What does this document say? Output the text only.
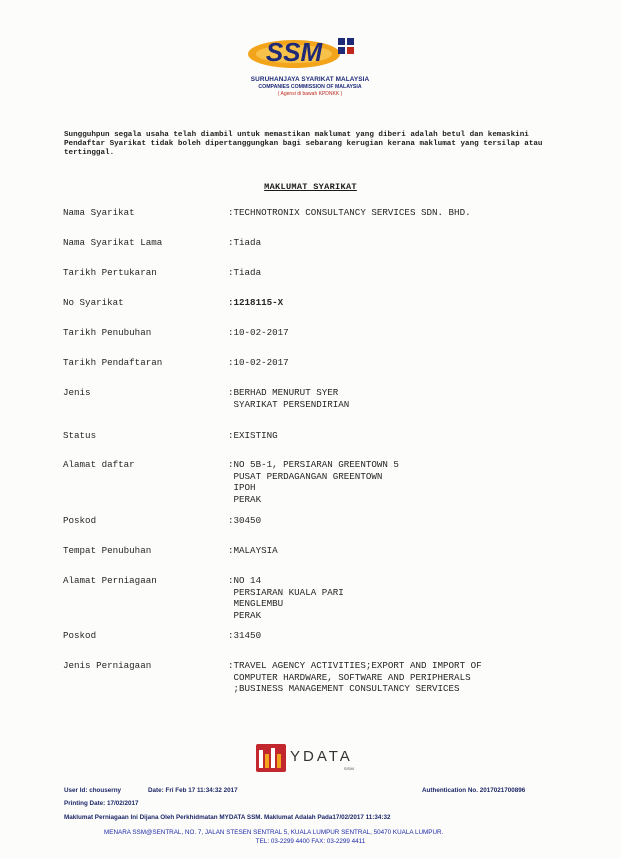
SSM
SURUHANJAYA SYARIKAT MALAYSIA
COMPANIES COMMISSION OF MALAYSIA
( Agensi di bawah KPDNKK )
Sungguhpun segala usaha telah diambil untuk memastikan maklumat yang diberi adalah betul dan kemaskini Pendaftar Syarikat tidak boleh dipertanggungkan bagi sebarang kerugian kerana maklumat yang tersilap atau tertinggal.
MAKLUMAT SYARIKAT
Nama Syarikat	:TECHNOTRONIX CONSULTANCY SERVICES SDN. BHD.
Nama Syarikat Lama	:Tiada
Tarikh Pertukaran	:Tiada
No Syarikat	:1218115-X
Tarikh Penubuhan	:10-02-2017
Tarikh Pendaftaran	:10-02-2017
Jenis	:BERHAD MENURUT SYER
SYARIKAT PERSENDIRIAN
Status	:EXISTING
Alamat daftar	:NO 5B-1, PERSIARAN GREENTOWN 5
PUSAT PERDAGANGAN GREENTOWN
IPOH
PERAK
Poskod	:30450
Tempat Penubuhan	:MALAYSIA
Alamat Perniagaan	:NO 14
PERSIARAN KUALA PARI
MENGLEMBU
PERAK
Poskod	:31450
Jenis Perniagaan	:TRAVEL AGENCY ACTIVITIES;EXPORT AND IMPORT OF
COMPUTER HARDWARE, SOFTWARE AND PERIPHERALS
;BUSINESS MANAGEMENT CONSULTANCY SERVICES
YDATA
SSM
User Id: chouserny	Date: Fri Feb 17 11:34:32 2017	Authentication No. 2017021700896
Printing Date: 17/02/2017
Maklumat Perniagaan Ini Dijana Oleh Perkhidmatan MYDATA SSM. Maklumat Adalah Pada17/02/2017 11:34:32
MENARA SSM@SENTRAL, NO. 7, JALAN STESEN SENTRAL 5, KUALA LUMPUR SENTRAL, 50470 KUALA LUMPUR.
TEL: 03-2299 4400 FAX: 03-2299 4411
